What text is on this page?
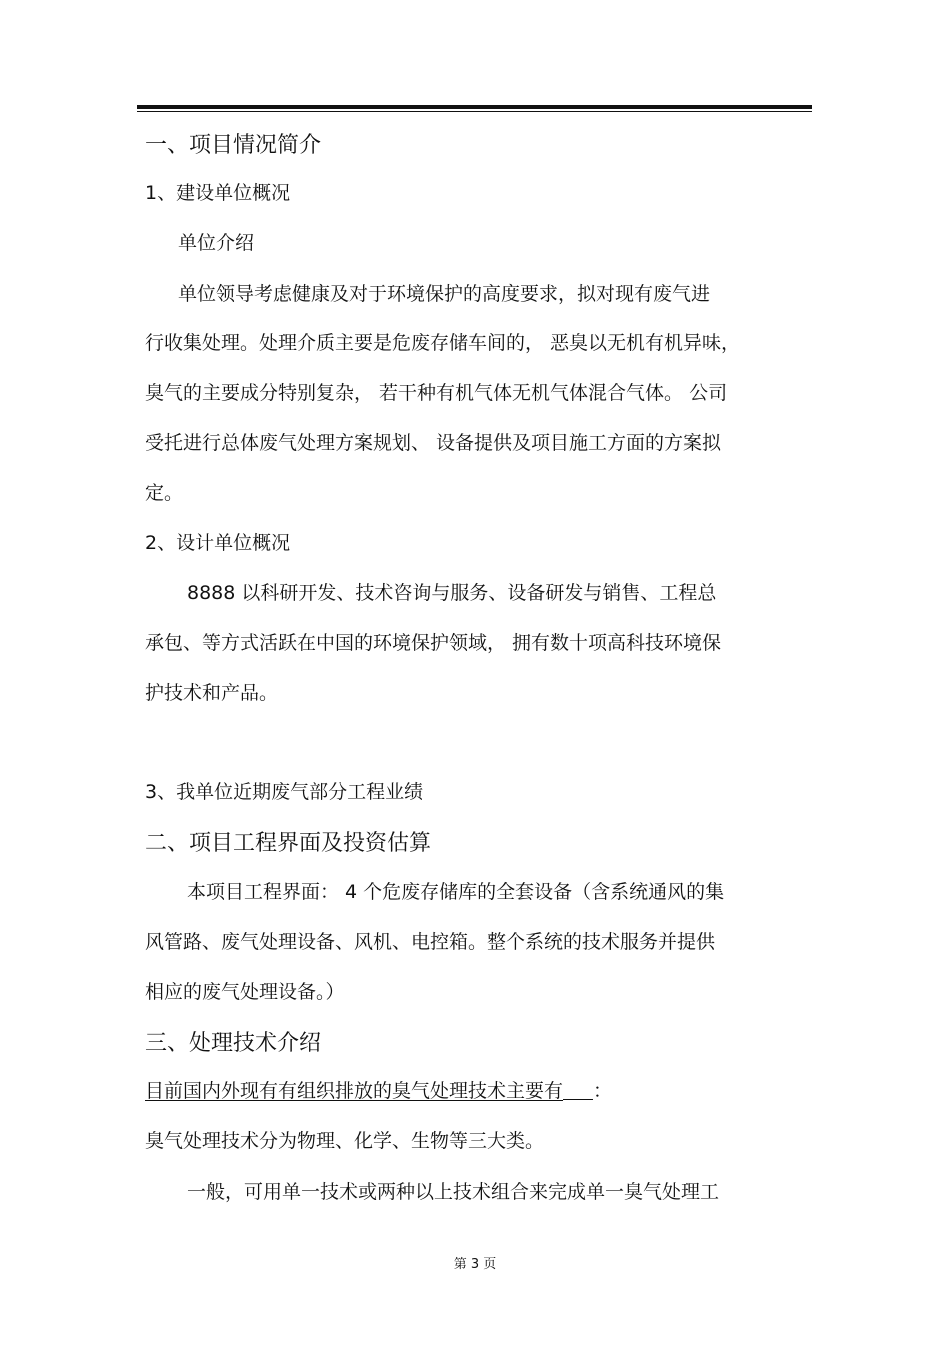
一、项目情况简介
1、建设单位概况
单位介绍
单位领导考虑健康及对于环境保护的高度要求，拟对现有废气进
行收集处理。处理介质主要是危废存储车间的， 恶臭以无机有机异味，
臭气的主要成分特别复杂， 若干种有机气体无机气体混合气体。 公司
受托进行总体废气处理方案规划、 设备提供及项目施工方面的方案拟
定。
2、设计单位概况
8888 以科研开发、技术咨询与服务、设备研发与销售、工程总
承包、等方式活跃在中国的环境保护领域， 拥有数十项高科技环境保
护技术和产品。
3、我单位近期废气部分工程业绩
二、项目工程界面及投资估算
本项目工程界面： 4 个危废存储库的全套设备（含系统通风的集
风管路、废气处理设备、风机、电控箱。整个系统的技术服务并提供
相应的废气处理设备。）
三、处理技术介绍
目前国内外现有有组织排放的臭气处理技术主要有 ：
臭气处理技术分为物理、化学、生物等三大类。
一般，可用单一技术或两种以上技术组合来完成单一臭气处理工
第 3 页
